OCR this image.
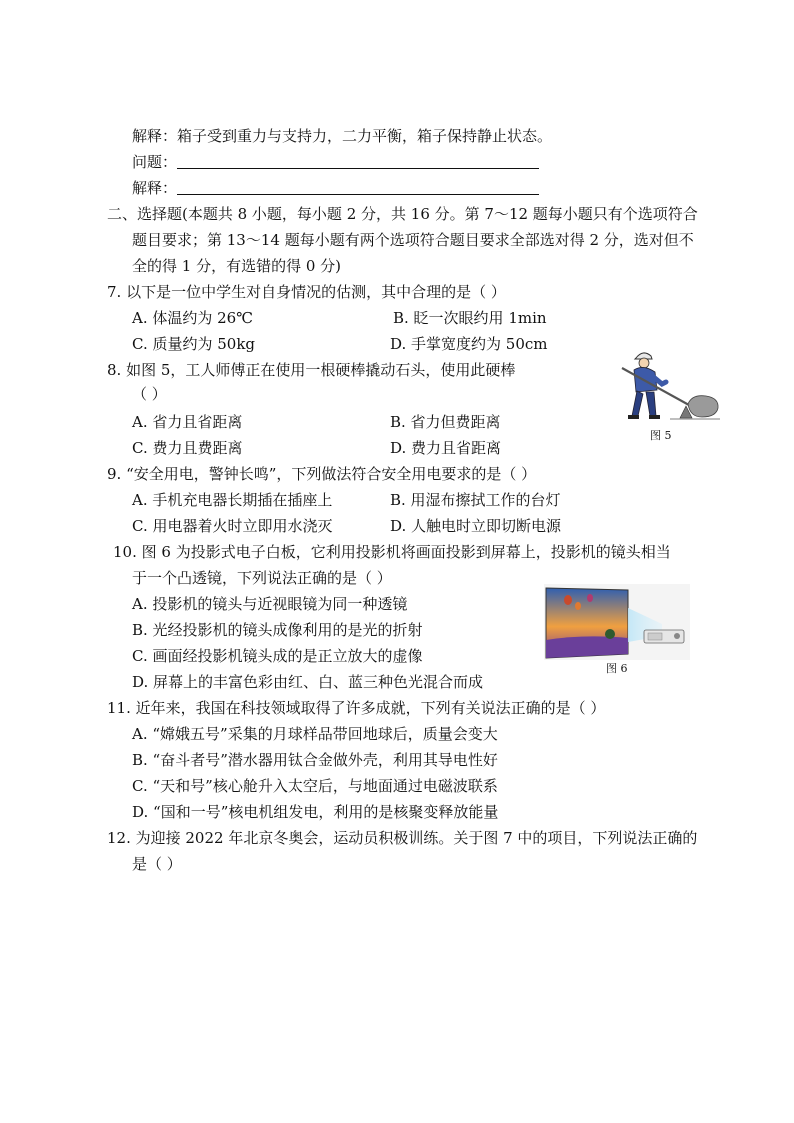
解释：箱子受到重力与支持力，二力平衡，箱子保持静止状态。
问题：
解释：
二、选择题(本题共 8 小题，每小题 2 分，共 16 分。第 7～12 题每小题只有个选项符合
题目要求；第 13～14 题每小题有两个选项符合题目要求全部选对得 2 分，选对但不
全的得 1 分，有选错的得 0 分)
7. 以下是一位中学生对自身情况的估测，其中合理的是（ ）
A. 体温约为 26℃	B. 眨一次眼约用 1min
C. 质量约为 50kg	D. 手掌宽度约为 50cm
8. 如图 5，工人师傅正在使用一根硬棒撬动石头，使用此硬棒
（ ）
A. 省力且省距离	B. 省力但费距离
C. 费力且费距离	D. 费力且省距离
图 5
9. “安全用电，警钟长鸣”，下列做法符合安全用电要求的是（ ）
A. 手机充电器长期插在插座上	B. 用湿布擦拭工作的台灯
C. 用电器着火时立即用水浇灭	D. 人触电时立即切断电源
10. 图 6 为投影式电子白板，它利用投影机将画面投影到屏幕上，投影机的镜头相当
于一个凸透镜，下列说法正确的是（ ）
A. 投影机的镜头与近视眼镜为同一种透镜
B. 光经投影机的镜头成像利用的是光的折射
C. 画面经投影机镜头成的是正立放大的虚像
D. 屏幕上的丰富色彩由红、白、蓝三种色光混合而成
图 6
11. 近年来，我国在科技领域取得了许多成就，下列有关说法正确的是（ ）
A. “嫦娥五号”采集的月球样品带回地球后，质量会变大
B. “奋斗者号”潜水器用钛合金做外壳，利用其导电性好
C. “天和号”核心舱升入太空后，与地面通过电磁波联系
D. “国和一号”核电机组发电，利用的是核聚变释放能量
12. 为迎接 2022 年北京冬奥会，运动员积极训练。关于图 7 中的项目，下列说法正确的
是（ ）
